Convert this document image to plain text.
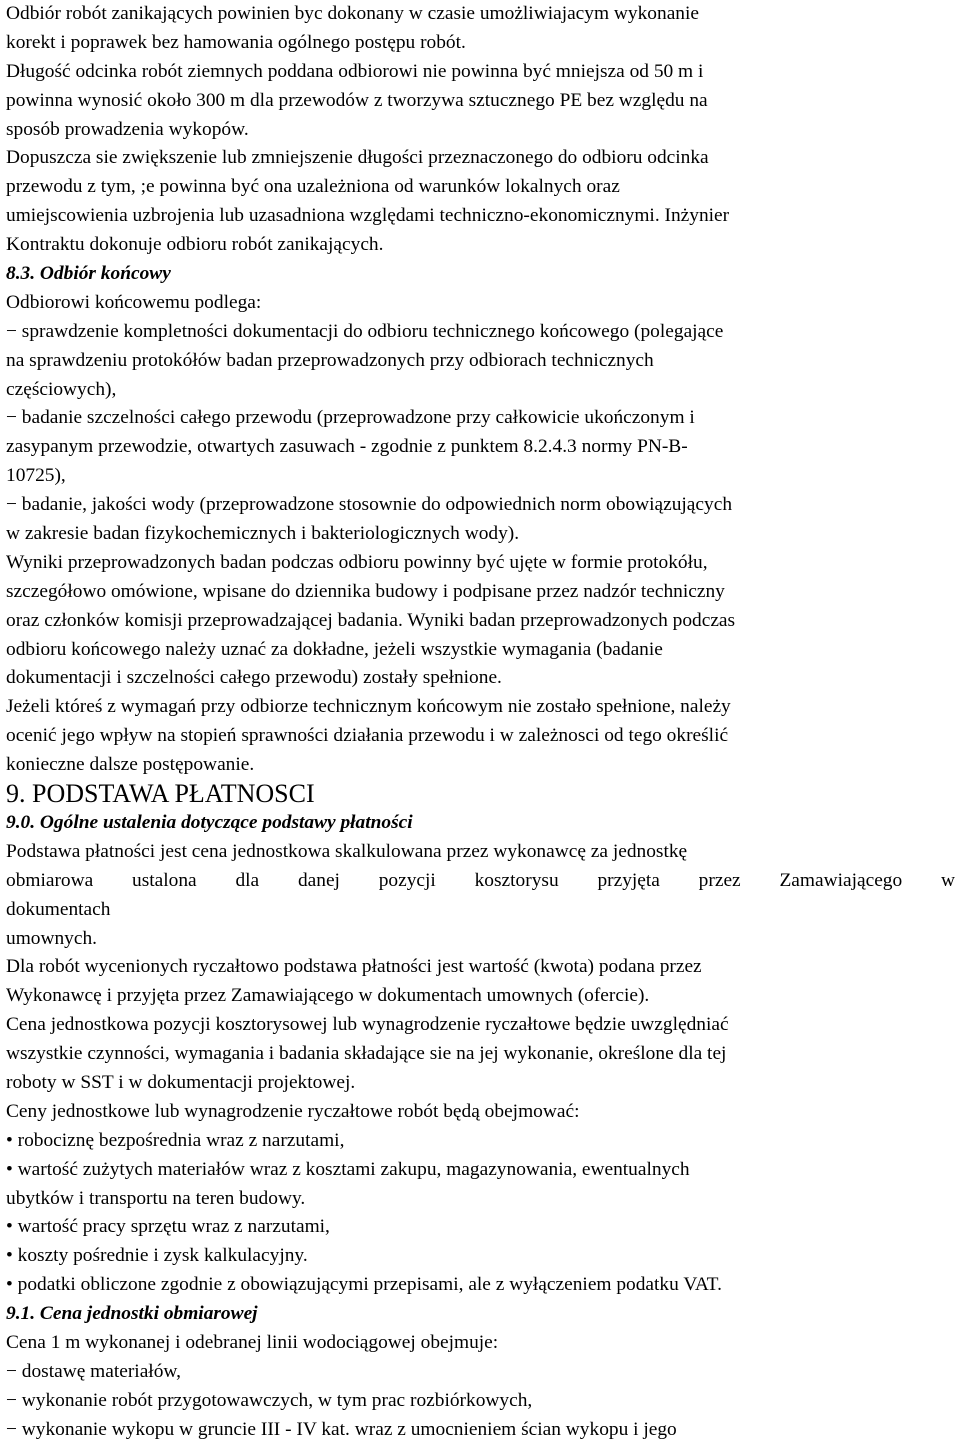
Odbiór robót zanikających powinien byc dokonany w czasie umożliwiajacym wykonanie
korekt i poprawek bez hamowania ogólnego postępu robót.
Długość odcinka robót ziemnych poddana odbiorowi nie powinna być mniejsza od 50 m i
powinna wynosić około 300 m dla przewodów z tworzywa sztucznego PE bez względu na
sposób prowadzenia wykopów.
Dopuszcza sie zwiększenie lub zmniejszenie długości przeznaczonego do odbioru odcinka
przewodu z tym, ;e powinna być ona uzależniona od warunków lokalnych oraz
umiejscowienia uzbrojenia lub uzasadniona względami techniczno-ekonomicznymi. Inżynier
Kontraktu dokonuje odbioru robót zanikających.
8.3. Odbiór końcowy
Odbiorowi końcowemu podlega:
− sprawdzenie kompletności dokumentacji do odbioru technicznego końcowego (polegające
na sprawdzeniu protokółów badan przeprowadzonych przy odbiorach technicznych
częściowych),
− badanie szczelności całego przewodu (przeprowadzone przy całkowicie ukończonym i
zasypanym przewodzie, otwartych zasuwach - zgodnie z punktem 8.2.4.3 normy PN-B-
10725),
− badanie, jakości wody (przeprowadzone stosownie do odpowiednich norm obowiązujących
w zakresie badan fizykochemicznych i bakteriologicznych wody).
Wyniki przeprowadzonych badan podczas odbioru powinny być ujęte w formie protokółu,
szczegółowo omówione, wpisane do dziennika budowy i podpisane przez nadzór techniczny
oraz członków komisji przeprowadzającej badania. Wyniki badan przeprowadzonych podczas
odbioru końcowego należy uznać za dokładne, jeżeli wszystkie wymagania (badanie
dokumentacji i szczelności całego przewodu) zostały spełnione.
Jeżeli któreś z wymagań przy odbiorze technicznym końcowym nie zostało spełnione, należy
ocenić jego wpływ na stopień sprawności działania przewodu i w zależnosci od tego określić
konieczne dalsze postępowanie.
9. PODSTAWA PŁATNOSCI
9.0. Ogólne ustalenia dotyczące podstawy płatności
Podstawa płatności jest cena jednostkowa skalkulowana przez wykonawcę za jednostkę
obmiarowa ustalona dla danej pozycji kosztorysu przyjęta przez Zamawiającego w
dokumentach
umownych.
Dla robót wycenionych ryczałtowo podstawa płatności jest wartość (kwota) podana przez
Wykonawcę i przyjęta przez Zamawiającego w dokumentach umownych (ofercie).
Cena jednostkowa pozycji kosztorysowej lub wynagrodzenie ryczałtowe będzie uwzględniać
wszystkie czynności, wymagania i badania składające sie na jej wykonanie, określone dla tej
roboty w SST i w dokumentacji projektowej.
Ceny jednostkowe lub wynagrodzenie ryczałtowe robót będą obejmować:
• robociznę bezpośrednia wraz z narzutami,
• wartość zużytych materiałów wraz z kosztami zakupu, magazynowania, ewentualnych
ubytków i transportu na teren budowy.
• wartość pracy sprzętu wraz z narzutami,
• koszty pośrednie i zysk kalkulacyjny.
• podatki obliczone zgodnie z obowiązującymi przepisami, ale z wyłączeniem podatku VAT.
9.1. Cena jednostki obmiarowej
Cena 1 m wykonanej i odebranej linii wodociągowej obejmuje:
− dostawę materiałów,
− wykonanie robót przygotowawczych, w tym prac rozbiórkowych,
− wykonanie wykopu w gruncie III - IV kat. wraz z umocnieniem ścian wykopu i jego
